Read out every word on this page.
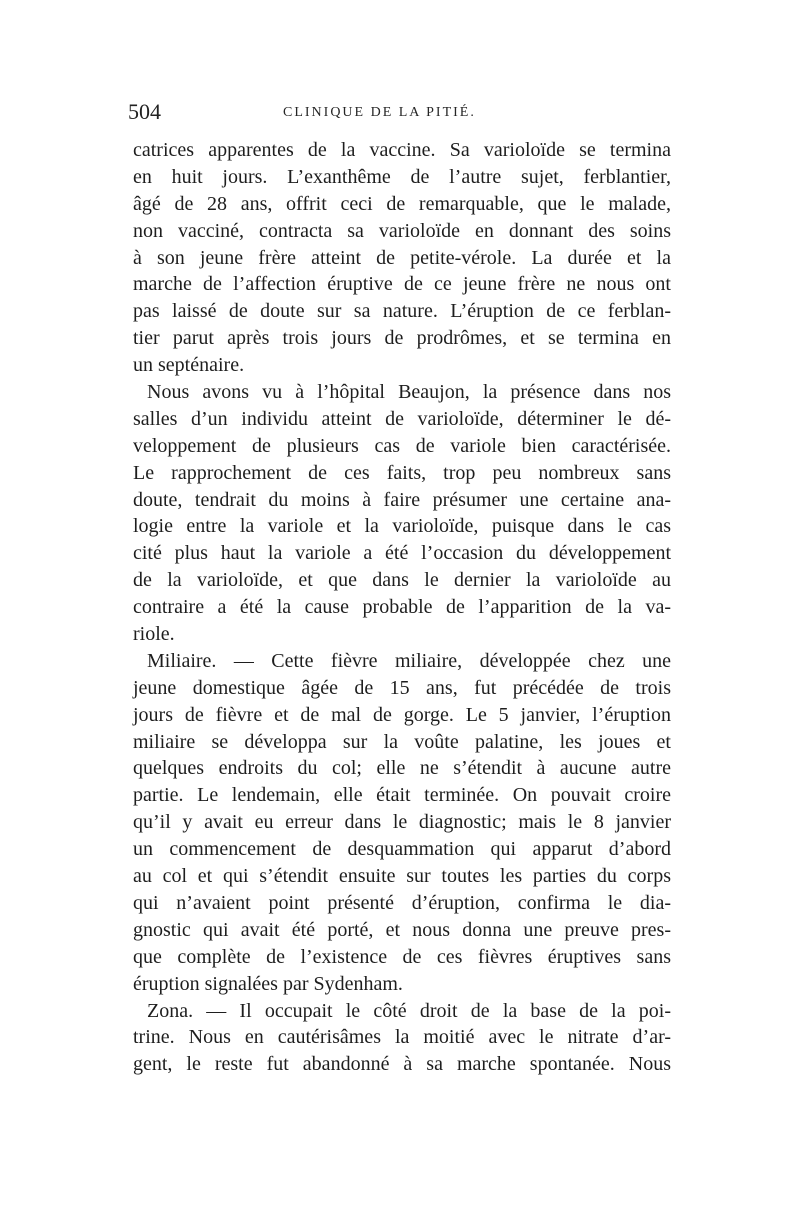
504	CLINIQUE DE LA PITIÉ.
catrices apparentes de la vaccine. Sa varioloïde se termina
en huit jours. L’exanthême de l’autre sujet, ferblantier,
âgé de 28 ans, offrit ceci de remarquable, que le malade,
non vacciné, contracta sa varioloïde en donnant des soins
à son jeune frère atteint de petite-vérole. La durée et la
marche de l’affection éruptive de ce jeune frère ne nous ont
pas laissé de doute sur sa nature. L’éruption de ce ferblan-
tier parut après trois jours de prodrômes, et se termina en
un septénaire.
Nous avons vu à l’hôpital Beaujon, la présence dans nos
salles d’un individu atteint de varioloïde, déterminer le dé-
veloppement de plusieurs cas de variole bien caractérisée.
Le rapprochement de ces faits, trop peu nombreux sans
doute, tendrait du moins à faire présumer une certaine ana-
logie entre la variole et la varioloïde, puisque dans le cas
cité plus haut la variole a été l’occasion du développement
de la varioloïde, et que dans le dernier la varioloïde au
contraire a été la cause probable de l’apparition de la va-
riole.
Miliaire. — Cette fièvre miliaire, développée chez une
jeune domestique âgée de 15 ans, fut précédée de trois
jours de fièvre et de mal de gorge. Le 5 janvier, l’éruption
miliaire se développa sur la voûte palatine, les joues et
quelques endroits du col; elle ne s’étendit à aucune autre
partie. Le lendemain, elle était terminée. On pouvait croire
qu’il y avait eu erreur dans le diagnostic; mais le 8 janvier
un commencement de desquammation qui apparut d’abord
au col et qui s’étendit ensuite sur toutes les parties du corps
qui n’avaient point présenté d’éruption, confirma le dia-
gnostic qui avait été porté, et nous donna une preuve pres-
que complète de l’existence de ces fièvres éruptives sans
éruption signalées par Sydenham.
Zona. — Il occupait le côté droit de la base de la poi-
trine. Nous en cautérisâmes la moitié avec le nitrate d’ar-
gent, le reste fut abandonné à sa marche spontanée. Nous
